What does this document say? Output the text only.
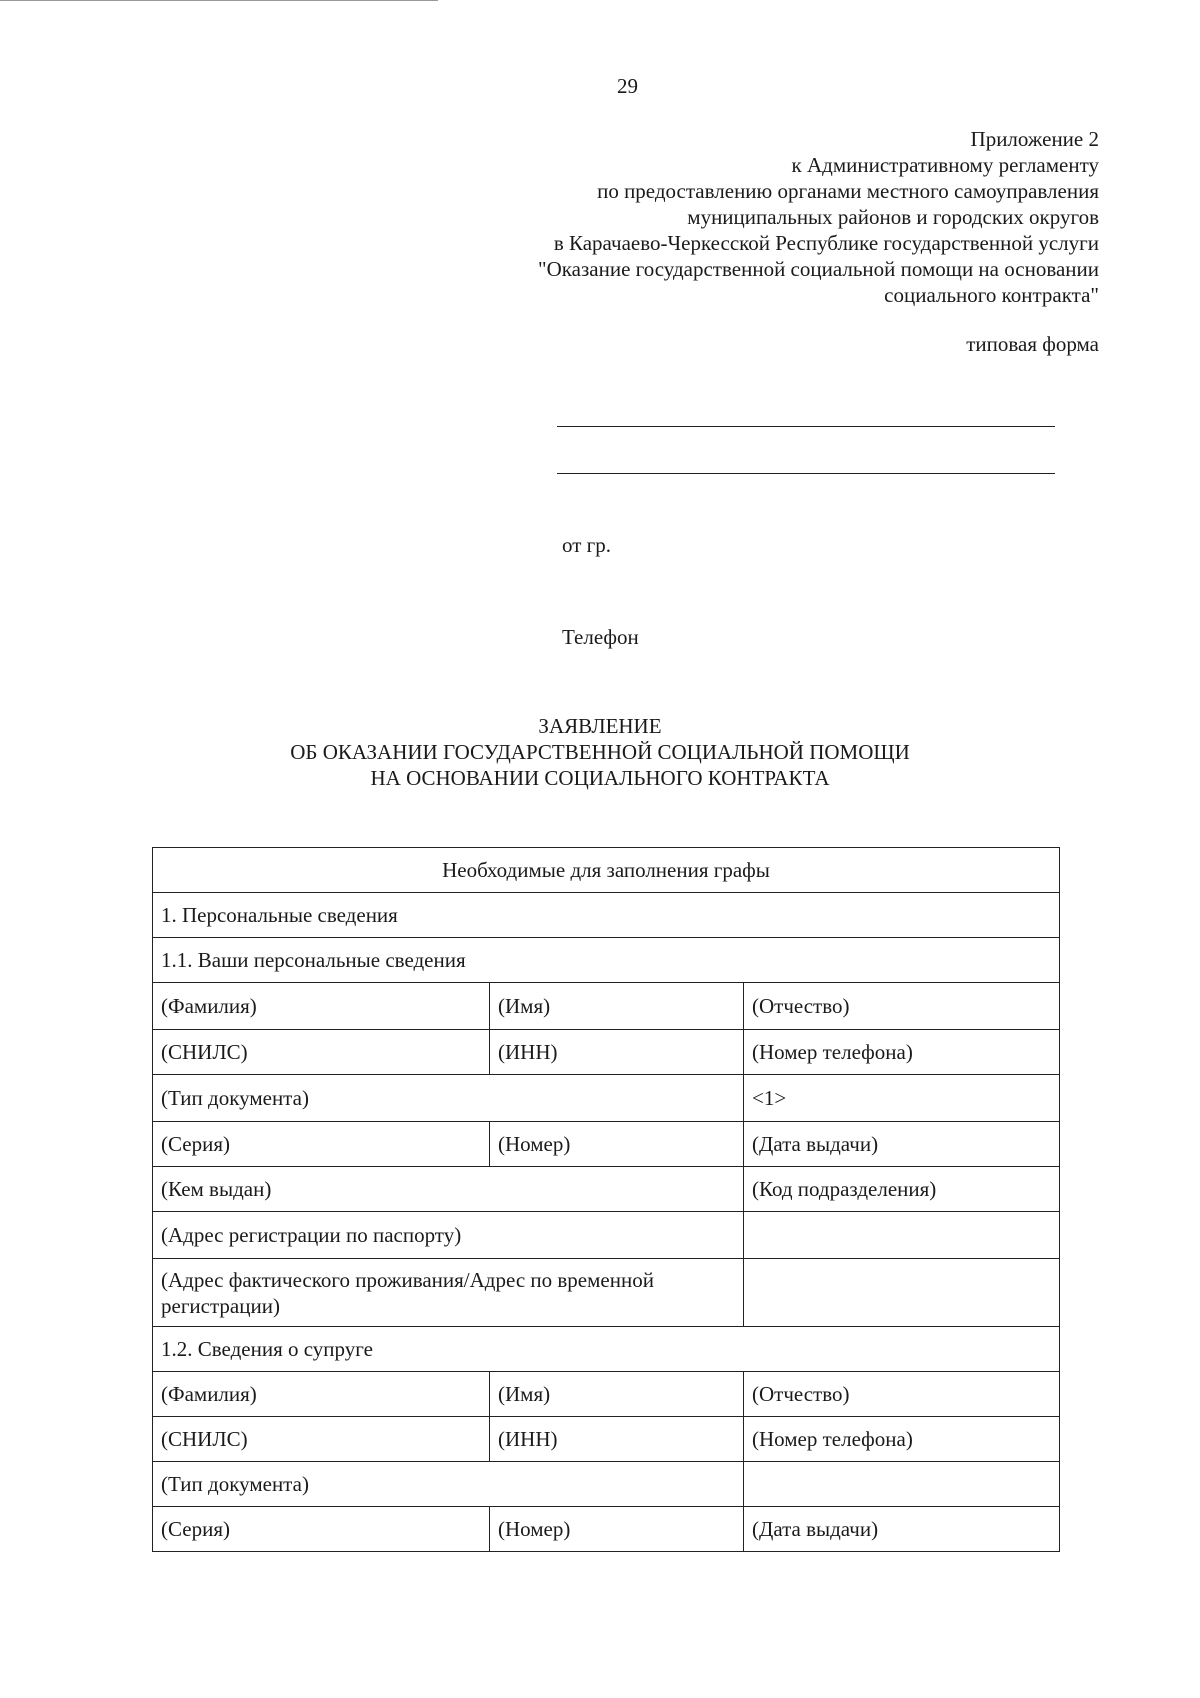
29
Приложение 2
к Административному регламенту
по предоставлению органами местного самоуправления
муниципальных районов и городских округов
в Карачаево-Черкесской Республике государственной услуги
"Оказание государственной социальной помощи на основании
социального контракта"
типовая форма
от гр.
Телефон
ЗАЯВЛЕНИЕ
ОБ ОКАЗАНИИ ГОСУДАРСТВЕННОЙ СОЦИАЛЬНОЙ ПОМОЩИ
НА ОСНОВАНИИ СОЦИАЛЬНОГО КОНТРАКТА
Необходимые для заполнения графы		
1. Персональные сведения		
1.1. Ваши персональные сведения		
(Фамилия)	(Имя)	(Отчество)
(СНИЛС)	(ИНН)	(Номер телефона)
(Тип документа)		<1>
(Серия)	(Номер)	(Дата выдачи)
(Кем выдан)		(Код подразделения)
(Адрес регистрации по паспорту)		
(Адрес фактического проживания/Адрес по временной регистрации)		
1.2. Сведения о супруге		
(Фамилия)	(Имя)	(Отчество)
(СНИЛС)	(ИНН)	(Номер телефона)
(Тип документа)		
(Серия)	(Номер)	(Дата выдачи)
